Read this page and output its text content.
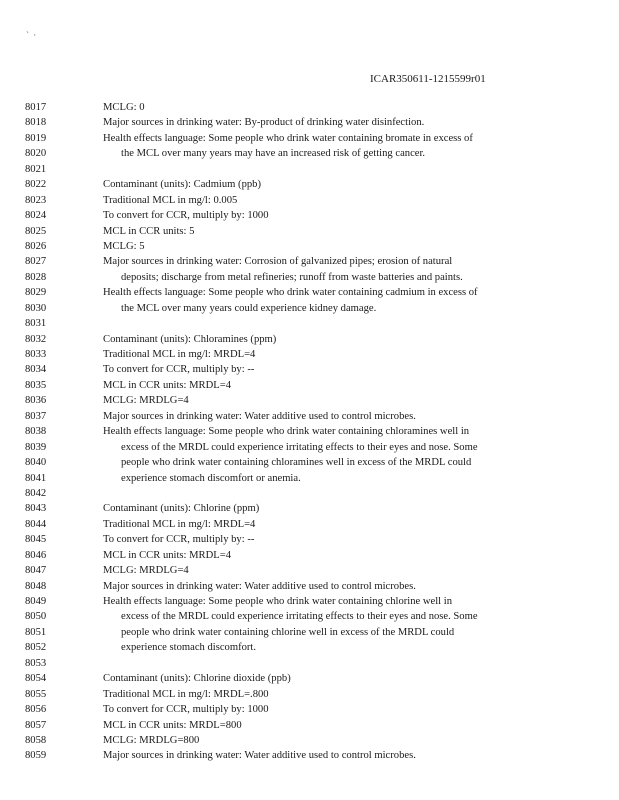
` ·
ICAR350611-1215599r01
8017	MCLG: 0
8018	Major sources in drinking water: By-product of drinking water disinfection.
8019	Health effects language: Some people who drink water containing bromate in excess of
8020	the MCL over many years may have an increased risk of getting cancer.
8021
8022	Contaminant (units): Cadmium (ppb)
8023	Traditional MCL in mg/l: 0.005
8024	To convert for CCR, multiply by: 1000
8025	MCL in CCR units: 5
8026	MCLG: 5
8027	Major sources in drinking water: Corrosion of galvanized pipes; erosion of natural
8028	deposits; discharge from metal refineries; runoff from waste batteries and paints.
8029	Health effects language: Some people who drink water containing cadmium in excess of
8030	the MCL over many years could experience kidney damage.
8031
8032	Contaminant (units): Chloramines (ppm)
8033	Traditional MCL in mg/l: MRDL=4
8034	To convert for CCR, multiply by: --
8035	MCL in CCR units: MRDL=4
8036	MCLG: MRDLG=4
8037	Major sources in drinking water: Water additive used to control microbes.
8038	Health effects language: Some people who drink water containing chloramines well in
8039	excess of the MRDL could experience irritating effects to their eyes and nose. Some
8040	people who drink water containing chloramines well in excess of the MRDL could
8041	experience stomach discomfort or anemia.
8042
8043	Contaminant (units): Chlorine (ppm)
8044	Traditional MCL in mg/l: MRDL=4
8045	To convert for CCR, multiply by: --
8046	MCL in CCR units: MRDL=4
8047	MCLG: MRDLG=4
8048	Major sources in drinking water: Water additive used to control microbes.
8049	Health effects language: Some people who drink water containing chlorine well in
8050	excess of the MRDL could experience irritating effects to their eyes and nose. Some
8051	people who drink water containing chlorine well in excess of the MRDL could
8052	experience stomach discomfort.
8053
8054	Contaminant (units): Chlorine dioxide (ppb)
8055	Traditional MCL in mg/l: MRDL=.800
8056	To convert for CCR, multiply by: 1000
8057	MCL in CCR units: MRDL=800
8058	MCLG: MRDLG=800
8059	Major sources in drinking water: Water additive used to control microbes.
